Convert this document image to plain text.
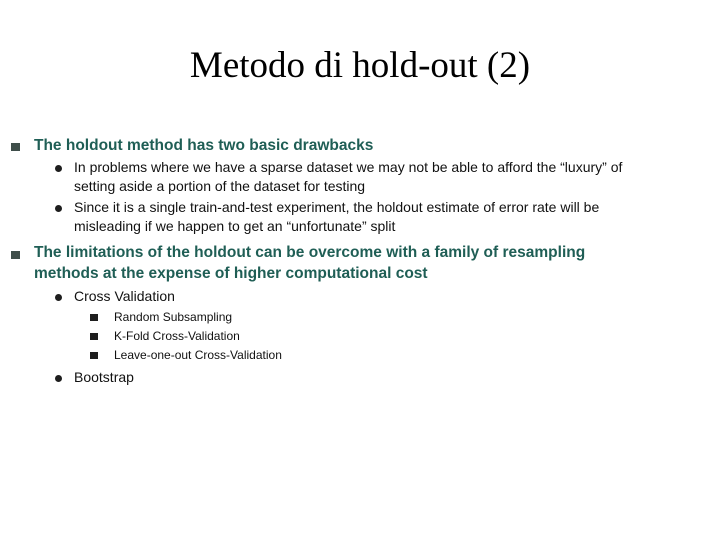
Metodo di hold-out (2)
The holdout method has two basic drawbacks
In problems where we have a sparse dataset we may not be able to afford the “luxury” of
setting aside a portion of the dataset for testing
Since it is a single train-and-test experiment, the holdout estimate of error rate will be
misleading if we happen to get an “unfortunate” split
The limitations of the holdout can be overcome with a family of resampling
methods at the expense of higher computational cost
Cross Validation
Random Subsampling
K-Fold Cross-Validation
Leave-one-out Cross-Validation
Bootstrap
